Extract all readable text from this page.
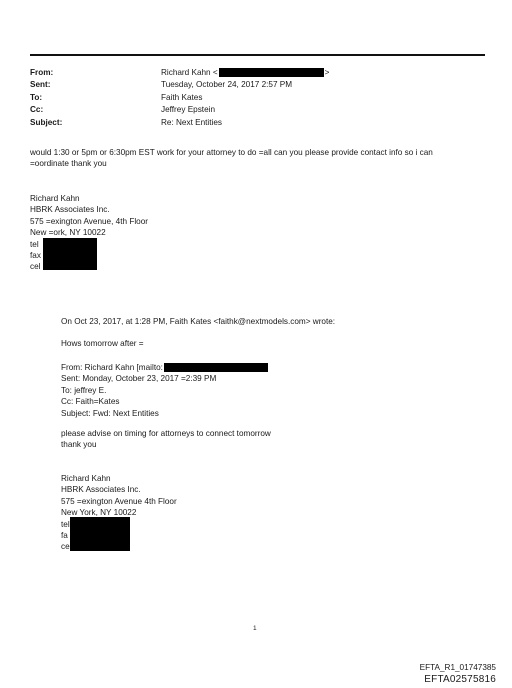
From:	Richard Kahn <	>
Sent:	Tuesday, October 24, 2017 2:57 PM
To:	Faith Kates
Cc:	Jeffrey Epstein
Subject:	Re: Next Entities
would 1:30 or 5pm or 6:30pm EST work for your attorney to do =all can you please provide contact info so i can
=oordinate thank you
Richard Kahn
HBRK Associates Inc.
575 =exington Avenue, 4th Floor
New =ork, NY 10022
tel
fax
cel
On Oct 23, 2017, at 1:28 PM, Faith Kates <faithk@nextmodels.com> wrote:
Hows tomorrow after =
From: Richard Kahn [mailto:
Sent: Monday, October 23, 2017 =2:39 PM
To: jeffrey E.
Cc: Faith=Kates
Subject: Fwd: Next Entities
please advise on timing for attorneys to connect tomorrow
thank you
Richard Kahn
HBRK Associates Inc.
575 =exington Avenue 4th Floor
New York, NY 10022
tel
fa
ce
1
EFTA_R1_01747385
EFTA02575816
